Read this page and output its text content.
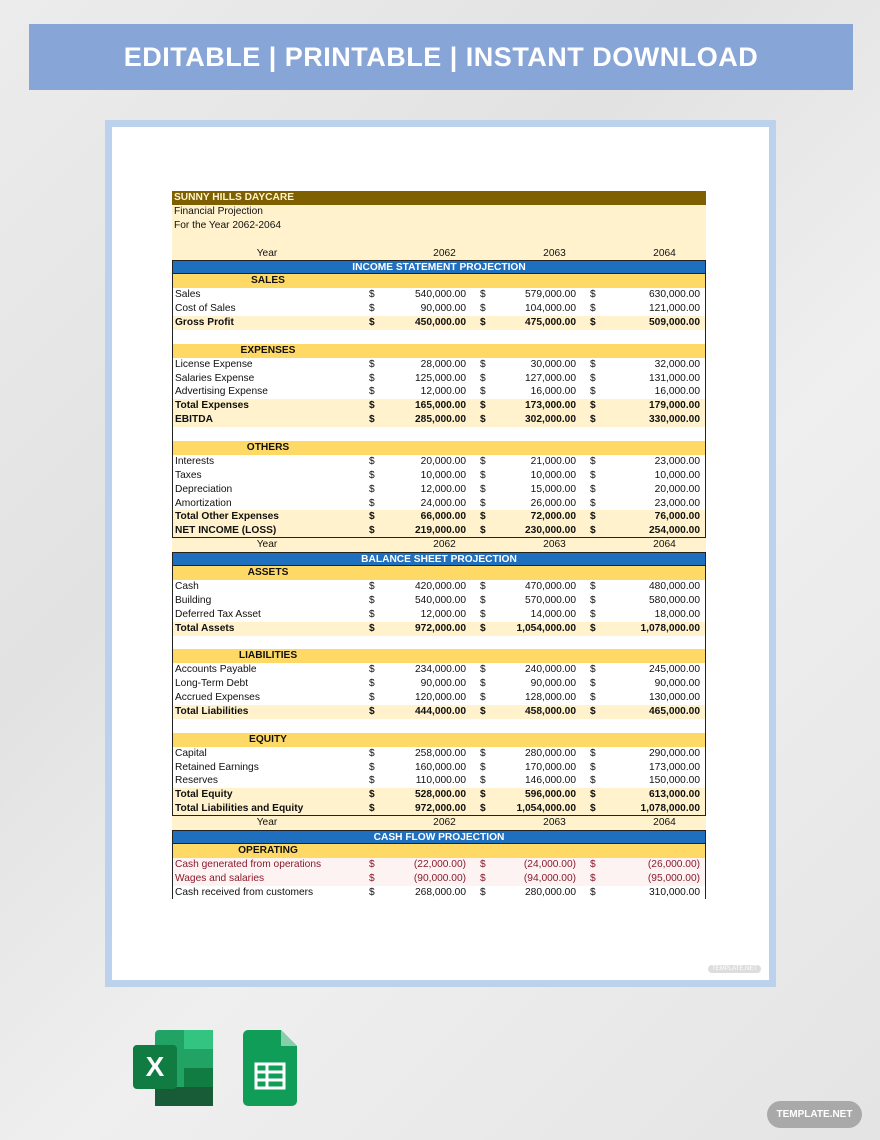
EDITABLE | PRINTABLE | INSTANT DOWNLOAD
TEMPLATE.NET
SUNNY HILLS DAYCARE
Financial Projection
For the Year 2062-2064
Year	2062	2063	2064
INCOME STATEMENT PROJECTION
SALES
Sales	$	540,000.00 $	579,000.00 $	630,000.00
Cost of Sales	$	90,000.00 $	104,000.00 $	121,000.00
Gross Profit	$	450,000.00 $	475,000.00 $	509,000.00
EXPENSES
License Expense	$	28,000.00 $	30,000.00 $	32,000.00
Salaries Expense	$	125,000.00 $	127,000.00 $	131,000.00
Advertising Expense	$	12,000.00 $	16,000.00 $	16,000.00
Total Expenses	$	165,000.00 $	173,000.00 $	179,000.00
EBITDA	$	285,000.00 $	302,000.00 $	330,000.00
OTHERS
Interests	$	20,000.00 $	21,000.00 $	23,000.00
Taxes	$	10,000.00 $	10,000.00 $	10,000.00
Depreciation	$	12,000.00 $	15,000.00 $	20,000.00
Amortization	$	24,000.00 $	26,000.00 $	23,000.00
Total Other Expenses	$	66,000.00 $	72,000.00 $	76,000.00
NET INCOME (LOSS)	$	219,000.00 $	230,000.00 $	254,000.00
Year	2062	2063	2064
BALANCE SHEET PROJECTION
ASSETS
Cash	$	420,000.00 $	470,000.00 $	480,000.00
Building	$	540,000.00 $	570,000.00 $	580,000.00
Deferred Tax Asset	$	12,000.00 $	14,000.00 $	18,000.00
Total Assets	$	972,000.00 $	1,054,000.00 $	1,078,000.00
LIABILITIES
Accounts Payable	$	234,000.00 $	240,000.00 $	245,000.00
Long-Term Debt	$	90,000.00 $	90,000.00 $	90,000.00
Accrued Expenses	$	120,000.00 $	128,000.00 $	130,000.00
Total Liabilities	$	444,000.00 $	458,000.00 $	465,000.00
EQUITY
Capital	$	258,000.00 $	280,000.00 $	290,000.00
Retained Earnings	$	160,000.00 $	170,000.00 $	173,000.00
Reserves	$	110,000.00 $	146,000.00 $	150,000.00
Total Equity	$	528,000.00 $	596,000.00 $	613,000.00
Total Liabilities and Equity	$	972,000.00 $	1,054,000.00 $	1,078,000.00
Year	2062	2063	2064
CASH FLOW PROJECTION
OPERATING
Cash generated from operations	$	(22,000.00) $	(24,000.00) $	(26,000.00)
Wages and salaries	$	(90,000.00) $	(94,000.00) $	(95,000.00)
Cash received from customers	$	268,000.00 $	280,000.00 $	310,000.00
X
TEMPLATE.NET
